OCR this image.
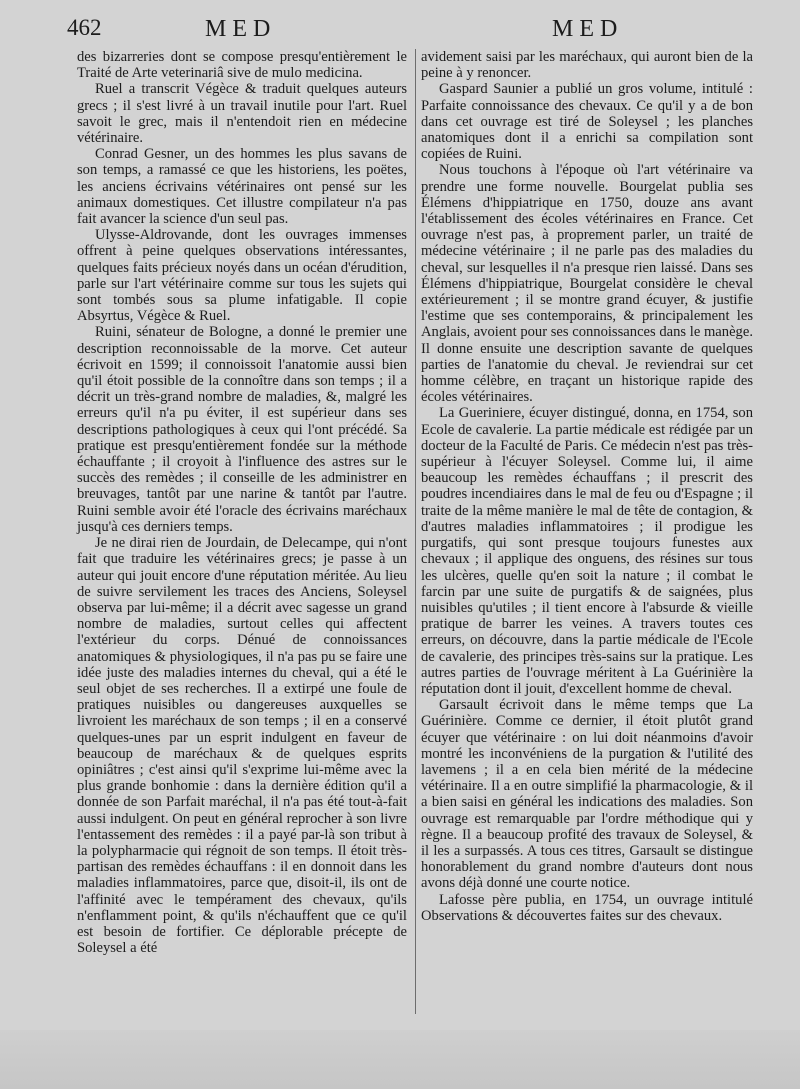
462	MED	MED

des bizarreries dont se compose presqu'entièrement le Traité de Arte veterinariâ sive de mulo medicina.

Ruel a transcrit Végèce & traduit quelques auteurs grecs ; il s'est livré à un travail inutile pour l'art. Ruel savoit le grec, mais il n'entendoit rien en médecine vétérinaire.

Conrad Gesner, un des hommes les plus savans de son temps, a ramassé ce que les historiens, les poëtes, les anciens écrivains vétérinaires ont pensé sur les animaux domestiques. Cet illustre compilateur n'a pas fait avancer la science d'un seul pas.

Ulysse-Aldrovande, dont les ouvrages immenses offrent à peine quelques observations intéressantes, quelques faits précieux noyés dans un océan d'érudition, parle sur l'art vétérinaire comme sur tous les sujets qui sont tombés sous sa plume infatigable. Il copie Absyrtus, Végèce & Ruel.

Ruini, sénateur de Bologne, a donné le premier une description reconnoissable de la morve. Cet auteur écrivoit en 1599; il connoissoit l'anatomie aussi bien qu'il étoit possible de la connoître dans son temps ; il a décrit un très-grand nombre de maladies, &, malgré les erreurs qu'il n'a pu éviter, il est supérieur dans ses descriptions pathologiques à ceux qui l'ont précédé. Sa pratique est presqu'entièrement fondée sur la méthode échauffante ; il croyoit à l'influence des astres sur le succès des remèdes ; il conseille de les administrer en breuvages, tantôt par une narine & tantôt par l'autre. Ruini semble avoir été l'oracle des écrivains maréchaux jusqu'à ces derniers temps.

Je ne dirai rien de Jourdain, de Delecampe, qui n'ont fait que traduire les vétérinaires grecs; je passe à un auteur qui jouit encore d'une réputation méritée. Au lieu de suivre servilement les traces des Anciens, Soleysel observa par lui-même; il a décrit avec sagesse un grand nombre de maladies, surtout celles qui affectent l'extérieur du corps. Dénué de connoissances anatomiques & physiologiques, il n'a pas pu se faire une idée juste des maladies internes du cheval, qui a été le seul objet de ses recherches. Il a extirpé une foule de pratiques nuisibles ou dangereuses auxquelles se livroient les maréchaux de son temps ; il en a conservé quelques-unes par un esprit indulgent en faveur de beaucoup de maréchaux & de quelques esprits opiniâtres ; c'est ainsi qu'il s'exprime lui-même avec la plus grande bonhomie : dans la dernière édition qu'il a donnée de son Parfait maréchal, il n'a pas été tout-à-fait aussi indulgent. On peut en général reprocher à son livre l'entassement des remèdes : il a payé par-là son tribut à la polypharmacie qui régnoit de son temps. Il étoit très-partisan des remèdes échauffans : il en donnoit dans les maladies inflammatoires, parce que, disoit-il, ils ont de l'affinité avec le tempérament des chevaux, qu'ils n'enflamment point, & qu'ils n'échauffent que ce qu'il est besoin de fortifier. Ce déplorable précepte de Soleysel a été

avidement saisi par les maréchaux, qui auront bien de la peine à y renoncer.

Gaspard Saunier a publié un gros volume, intitulé : Parfaite connoissance des chevaux. Ce qu'il y a de bon dans cet ouvrage est tiré de Soleysel ; les planches anatomiques dont il a enrichi sa compilation sont copiées de Ruini.

Nous touchons à l'époque où l'art vétérinaire va prendre une forme nouvelle. Bourgelat publia ses Élémens d'hippiatrique en 1750, douze ans avant l'établissement des écoles vétérinaires en France. Cet ouvrage n'est pas, à proprement parler, un traité de médecine vétérinaire ; il ne parle pas des maladies du cheval, sur lesquelles il n'a presque rien laissé. Dans ses Élémens d'hippiatrique, Bourgelat considère le cheval extérieurement ; il se montre grand écuyer, & justifie l'estime que ses contemporains, & principalement les Anglais, avoient pour ses connoissances dans le manège. Il donne ensuite une description savante de quelques parties de l'anatomie du cheval. Je reviendrai sur cet homme célèbre, en traçant un historique rapide des écoles vétérinaires.

La Gueriniere, écuyer distingué, donna, en 1754, son Ecole de cavalerie. La partie médicale est rédigée par un docteur de la Faculté de Paris. Ce médecin n'est pas très-supérieur à l'écuyer Soleysel. Comme lui, il aime beaucoup les remèdes échauffans ; il prescrit des poudres incendiaires dans le mal de feu ou d'Espagne ; il traite de la même manière le mal de tête de contagion, & d'autres maladies inflammatoires ; il prodigue les purgatifs, qui sont presque toujours funestes aux chevaux ; il applique des onguens, des résines sur tous les ulcères, quelle qu'en soit la nature ; il combat le farcin par une suite de purgatifs & de saignées, plus nuisibles qu'utiles ; il tient encore à l'absurde & vieille pratique de barrer les veines. A travers toutes ces erreurs, on découvre, dans la partie médicale de l'Ecole de cavalerie, des principes très-sains sur la pratique. Les autres parties de l'ouvrage méritent à La Guérinière la réputation dont il jouit, d'excellent homme de cheval.

Garsault écrivoit dans le même temps que La Guérinière. Comme ce dernier, il étoit plutôt grand écuyer que vétérinaire : on lui doit néanmoins d'avoir montré les inconvéniens de la purgation & l'utilité des lavemens ; il a en cela bien mérité de la médecine vétérinaire. Il a en outre simplifié la pharmacologie, & il a bien saisi en général les indications des maladies. Son ouvrage est remarquable par l'ordre méthodique qui y règne. Il a beaucoup profité des travaux de Soleysel, & il les a surpassés. A tous ces titres, Garsault se distingue honorablement du grand nombre d'auteurs dont nous avons déjà donné une courte notice.

Lafosse père publia, en 1754, un ouvrage intitulé Observations & découvertes faites sur des chevaux.
